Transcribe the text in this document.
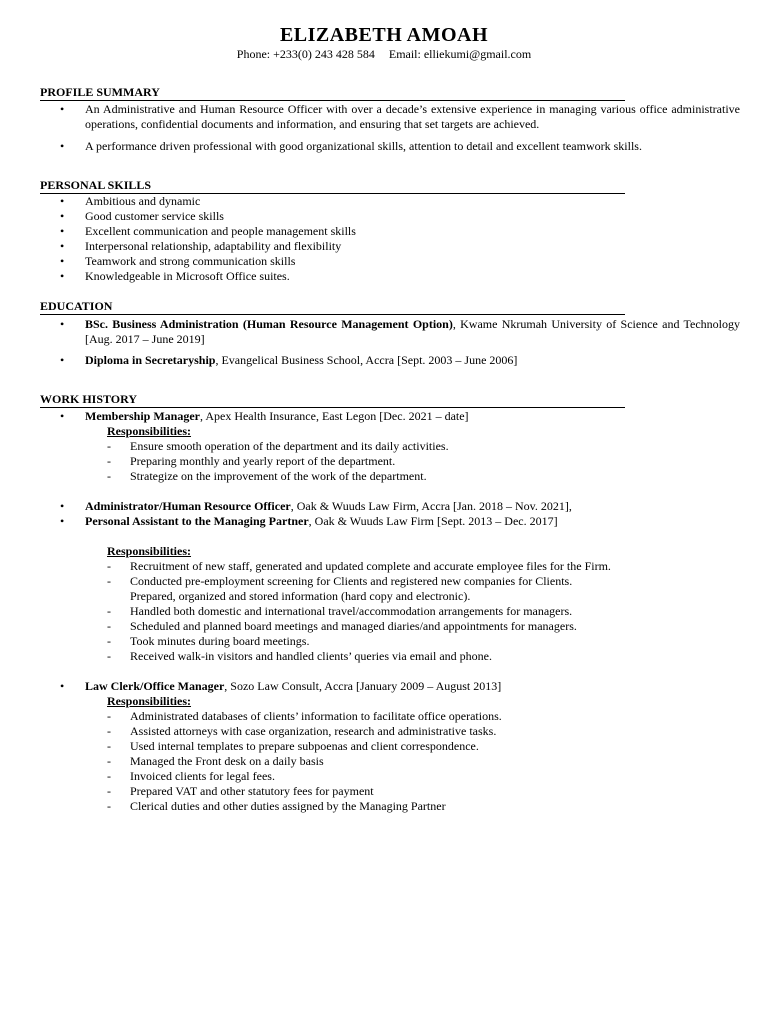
ELIZABETH AMOAH
Phone: +233(0) 243 428 584 Email: elliekumi@gmail.com
PROFILE SUMMARY
• An Administrative and Human Resource Officer with over a decade’s extensive experience in managing various office administrative operations, confidential documents and information, and ensuring that set targets are achieved.
• A performance driven professional with good organizational skills, attention to detail and excellent teamwork skills.
PERSONAL SKILLS
• Ambitious and dynamic
• Good customer service skills
• Excellent communication and people management skills
• Interpersonal relationship, adaptability and flexibility
• Teamwork and strong communication skills
• Knowledgeable in Microsoft Office suites.
EDUCATION
• BSc. Business Administration (Human Resource Management Option), Kwame Nkrumah University of Science and Technology [Aug. 2017 – June 2019]
• Diploma in Secretaryship, Evangelical Business School, Accra [Sept. 2003 – June 2006]
WORK HISTORY
• Membership Manager, Apex Health Insurance, East Legon [Dec. 2021 – date]
Responsibilities:
- Ensure smooth operation of the department and its daily activities.
- Preparing monthly and yearly report of the department.
- Strategize on the improvement of the work of the department.
• Administrator/Human Resource Officer, Oak & Wuuds Law Firm, Accra [Jan. 2018 – Nov. 2021],
• Personal Assistant to the Managing Partner, Oak & Wuuds Law Firm [Sept. 2013 – Dec. 2017]
Responsibilities:
- Recruitment of new staff, generated and updated complete and accurate employee files for the Firm.
- Conducted pre-employment screening for Clients and registered new companies for Clients.
Prepared, organized and stored information (hard copy and electronic).
- Handled both domestic and international travel/accommodation arrangements for managers.
- Scheduled and planned board meetings and managed diaries/and appointments for managers.
- Took minutes during board meetings.
- Received walk-in visitors and handled clients’ queries via email and phone.
• Law Clerk/Office Manager, Sozo Law Consult, Accra [January 2009 – August 2013]
Responsibilities:
- Administrated databases of clients’ information to facilitate office operations.
- Assisted attorneys with case organization, research and administrative tasks.
- Used internal templates to prepare subpoenas and client correspondence.
- Managed the Front desk on a daily basis
- Invoiced clients for legal fees.
- Prepared VAT and other statutory fees for payment
- Clerical duties and other duties assigned by the Managing Partner
